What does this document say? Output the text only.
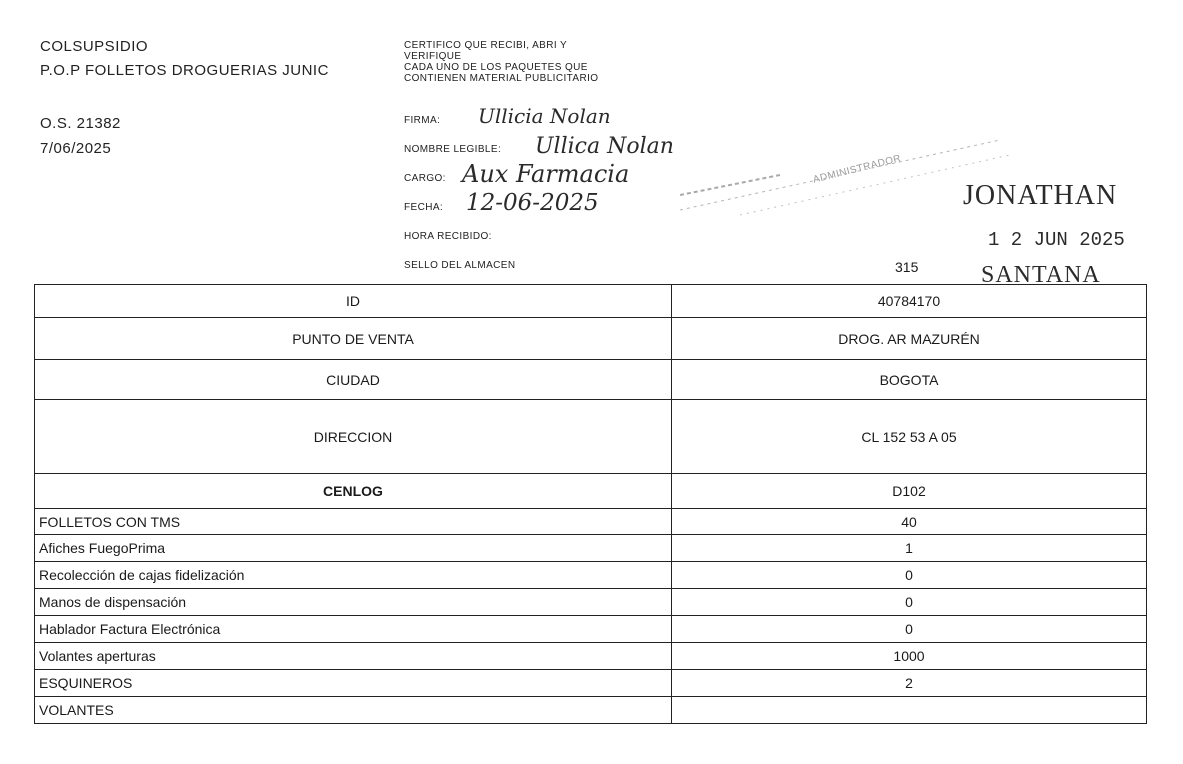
COLSUPSIDIO
P.O.P FOLLETOS DROGUERIAS JUNIC
O.S. 21382
7/06/2025
CERTIFICO QUE RECIBI, ABRI Y
VERIFIQUE
CADA UNO DE LOS PAQUETES QUE
CONTIENEN MATERIAL PUBLICITARIO
FIRMA: Ullicia Nolan
NOMBRE LEGIBLE: Ullica Nolan
CARGO: Aux Farmacia
FECHA: 12-06-2025
HORA RECIBIDO:
SELLO DEL ALMACEN	315
ADMINISTRADOR
JONATHAN
1 2 JUN 2025
SANTANA
ID	40784170
PUNTO DE VENTA	DROG. AR MAZURÉN
CIUDAD	BOGOTA
DIRECCION	CL 152 53 A 05
CENLOG	D102
FOLLETOS CON TMS	40
Afiches FuegoPrima	1
Recolección de cajas fidelización	0
Manos de dispensación	0
Hablador Factura Electrónica	0
Volantes aperturas	1000
ESQUINEROS	2
VOLANTES	
